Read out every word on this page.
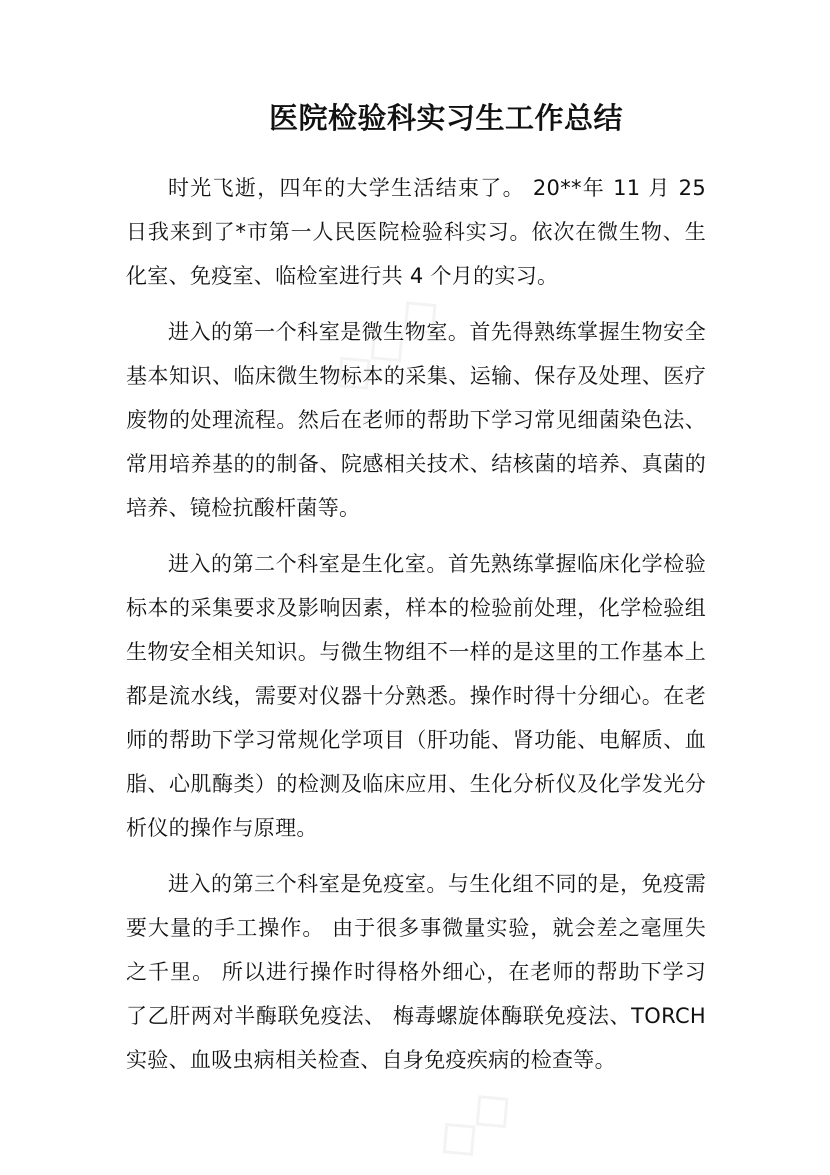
◇◇◇
◇◇
医院检验科实习生工作总结

时光飞逝，四年的大学生活结束了。 20**年 11 月 25 日我来到了*市第一人民医院检验科实习。依次在微生物、生化室、免疫室、临检室进行共 4 个月的实习。

进入的第一个科室是微生物室。首先得熟练掌握生物安全基本知识、临床微生物标本的采集、运输、保存及处理、医疗废物的处理流程。然后在老师的帮助下学习常见细菌染色法、常用培养基的的制备、院感相关技术、结核菌的培养、真菌的培养、镜检抗酸杆菌等。

进入的第二个科室是生化室。首先熟练掌握临床化学检验标本的采集要求及影响因素，样本的检验前处理，化学检验组生物安全相关知识。与微生物组不一样的是这里的工作基本上都是流水线，需要对仪器十分熟悉。操作时得十分细心。在老师的帮助下学习常规化学项目（肝功能、肾功能、电解质、血脂、心肌酶类）的检测及临床应用、生化分析仪及化学发光分析仪的操作与原理。

进入的第三个科室是免疫室。与生化组不同的是，免疫需要大量的手工操作。 由于很多事微量实验，就会差之毫厘失之千里。 所以进行操作时得格外细心，在老师的帮助下学习了乙肝两对半酶联免疫法、 梅毒螺旋体酶联免疫法、TORCH 实验、血吸虫病相关检查、自身免疫疾病的检查等。
